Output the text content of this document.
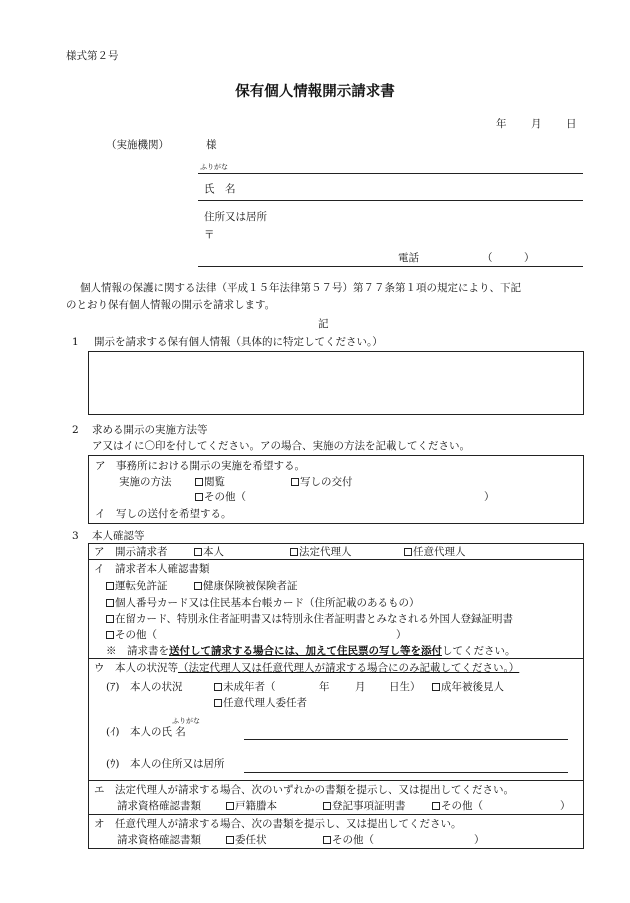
様式第２号
保有個人情報開示請求書
年 月 日
（実施機関）	様
ふりがな
氏　名
住所又は居所
〒
電話	（　　　）
個人情報の保護に関する法律（平成１５年法律第５７号）第７７条第１項の規定により、下記
のとおり保有個人情報の開示を請求します。
記
1 開示を請求する保有個人情報（具体的に特定してください。）
2 求める開示の実施方法等
ア又はイに〇印を付してください。アの場合、実施の方法を記載してください。
ア　事務所における開示の実施を希望する。
実施の方法	閲覧	写しの交付
その他（	）
イ　写しの送付を希望する。
3 本人確認等
ア　開示請求者	本人	法定代理人	任意代理人
イ　請求者本人確認書類
運転免許証	健康保険被保険者証
個人番号カード又は住民基本台帳カード（住所記載のあるもの）
在留カード、特別永住者証明書又は特別永住者証明書とみなされる外国人登録証明書
その他（	）
※　 請求書を送付して請求する場合には、加えて住民票の写し等を添付してください。
ウ　本人の状況等（法定代理人又は任意代理人が請求する場合にのみ記載してください。）
(ｱ)　本人の状況	未成年者（	年 月 日生）	成年被後見人
任意代理人委任者
ふりがな
(ｲ)　本人の氏 名
(ｳ)　本人の住所又は居所
エ　法定代理人が請求する場合、次のいずれかの書類を提示し、又は提出してください。
請求資格確認書類	戸籍謄本	登記事項証明書	その他（	）
オ　任意代理人が請求する場合、次の書類を提示し、又は提出してください。
請求資格確認書類	委任状	その他（	）
